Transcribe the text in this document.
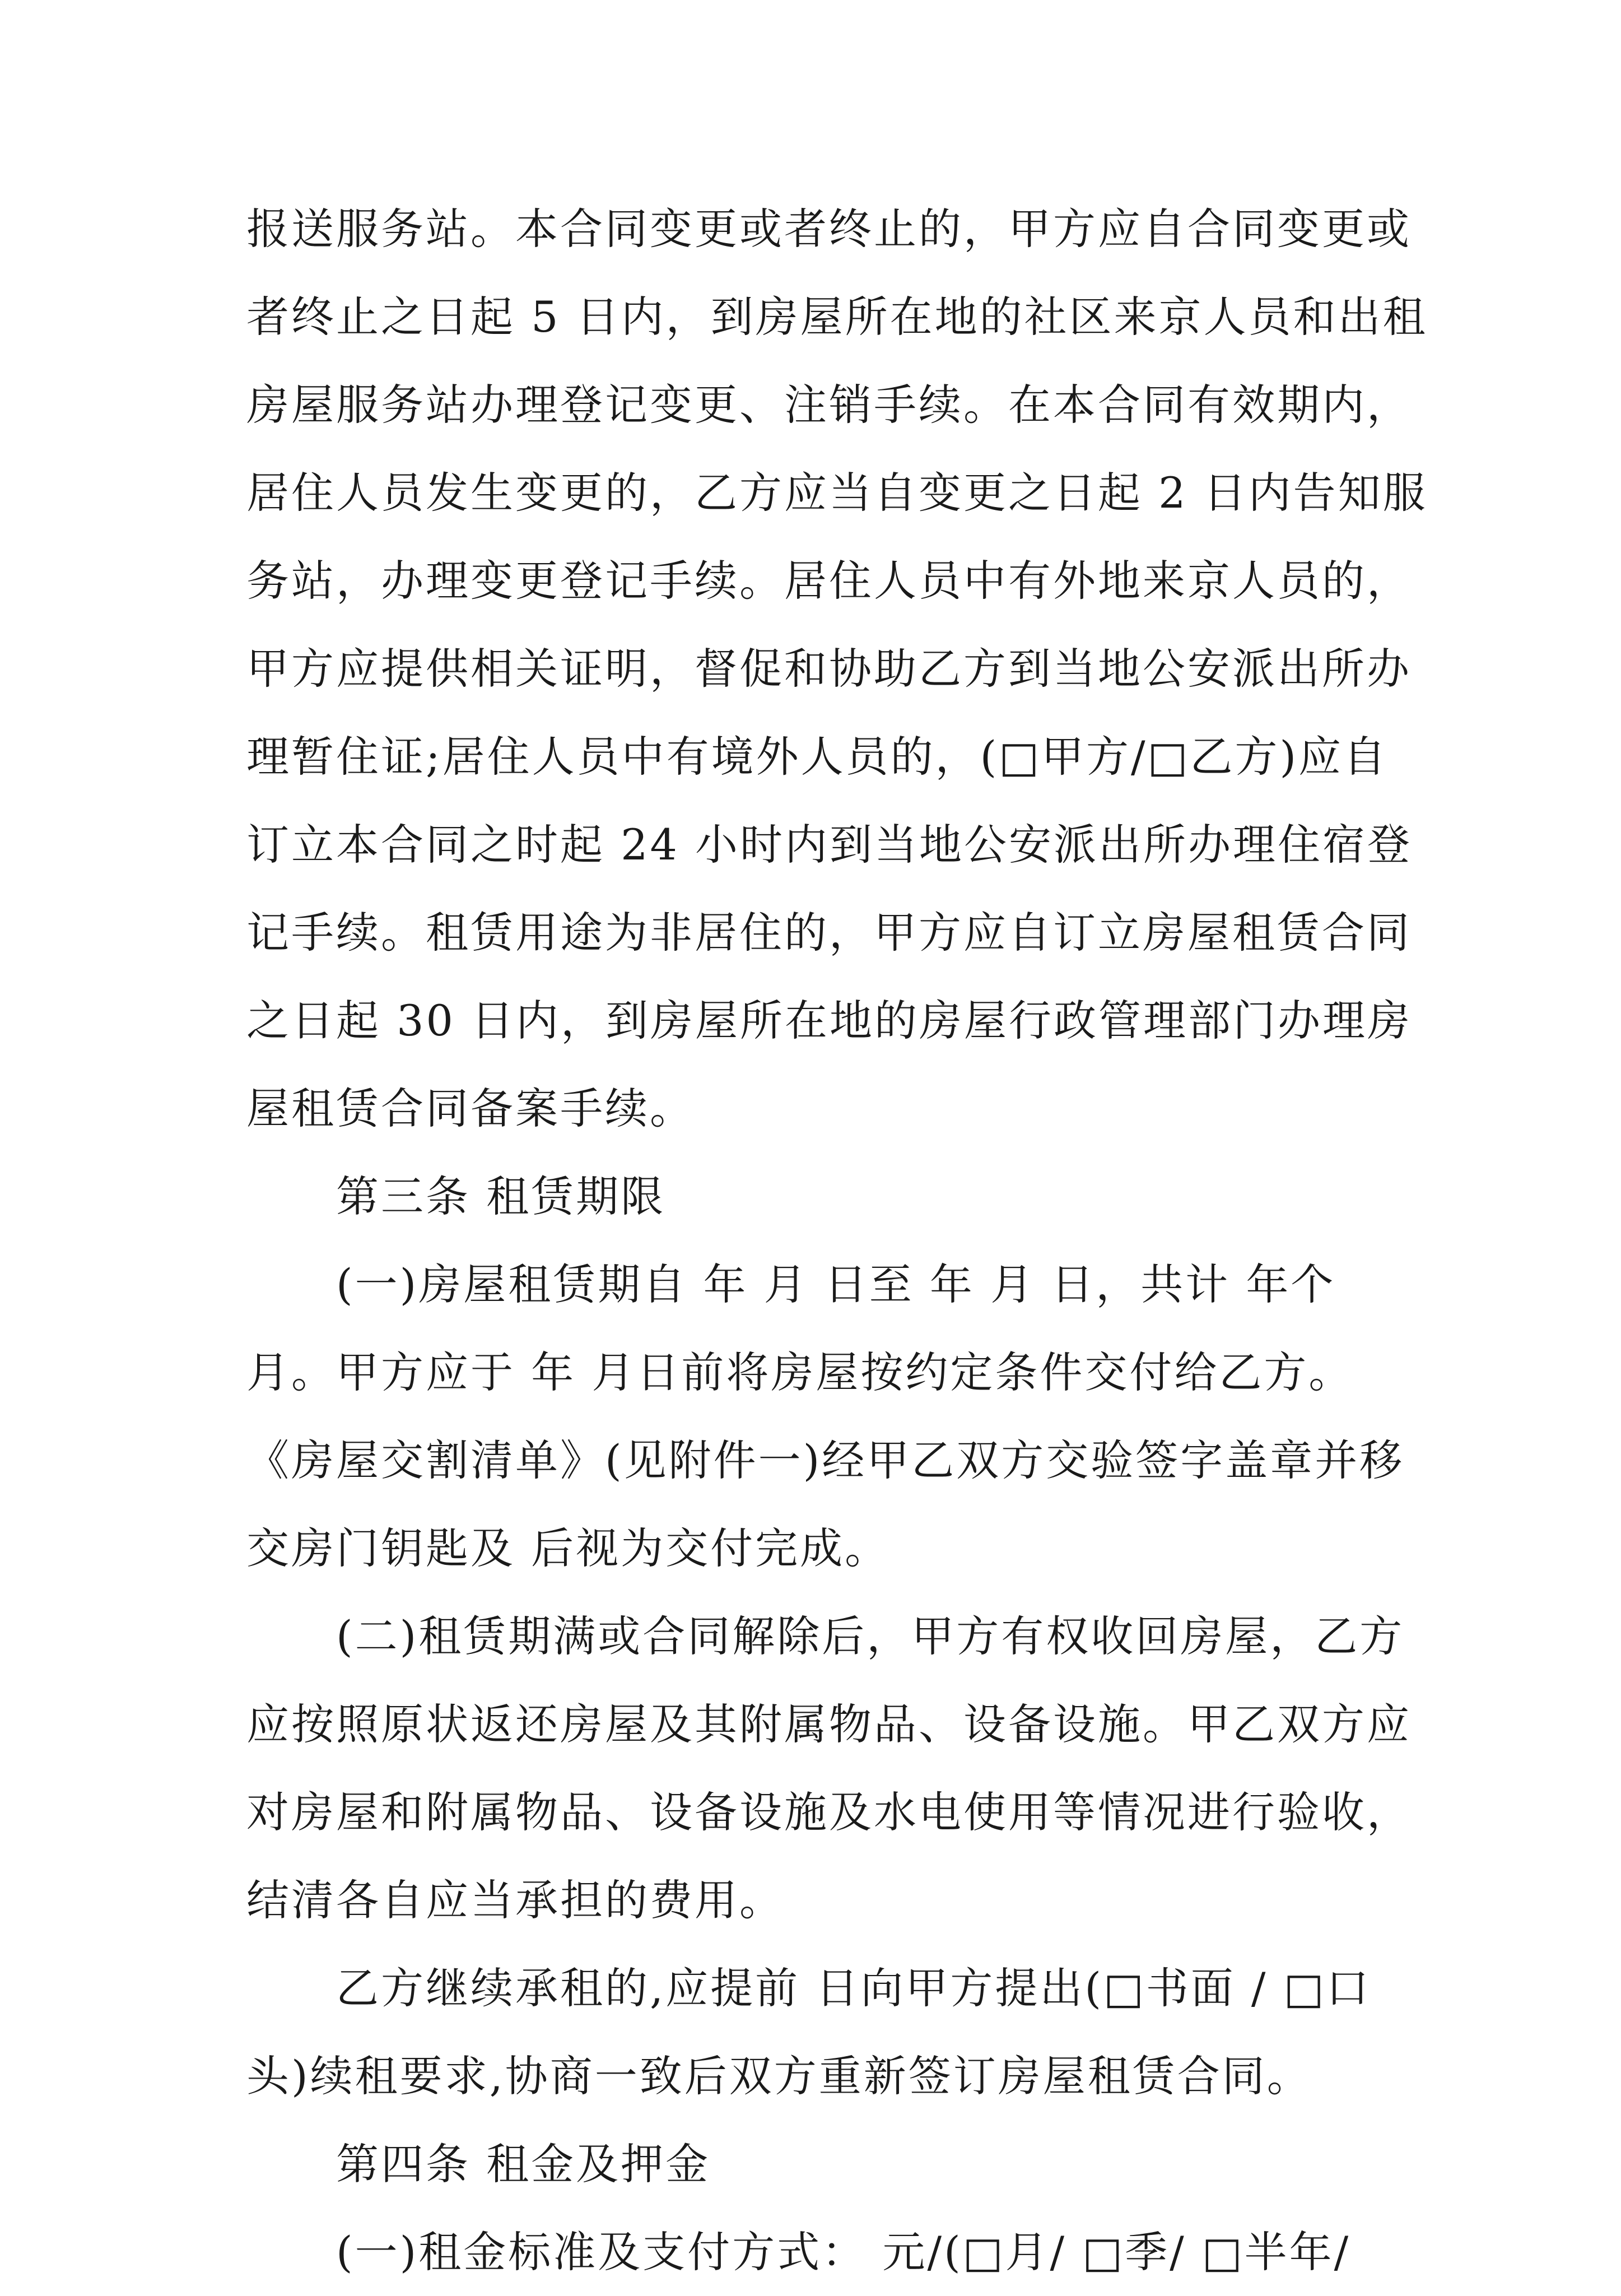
报送服务站。本合同变更或者终止的，甲方应自合同变更或
者终止之日起 5 日内，到房屋所在地的社区来京人员和出租
房屋服务站办理登记变更、注销手续。在本合同有效期内，
居住人员发生变更的，乙方应当自变更之日起 2 日内告知服
务站，办理变更登记手续。居住人员中有外地来京人员的，
甲方应提供相关证明，督促和协助乙方到当地公安派出所办
理暂住证;居住人员中有境外人员的，(□甲方/□乙方)应自
订立本合同之时起 24 小时内到当地公安派出所办理住宿登
记手续。租赁用途为非居住的，甲方应自订立房屋租赁合同
之日起 30 日内，到房屋所在地的房屋行政管理部门办理房
屋租赁合同备案手续。
第三条 租赁期限
(一)房屋租赁期自 年 月 日至 年 月 日，共计 年个
月。甲方应于 年 月日前将房屋按约定条件交付给乙方。
《房屋交割清单》(见附件一)经甲乙双方交验签字盖章并移
交房门钥匙及 后视为交付完成。
(二)租赁期满或合同解除后，甲方有权收回房屋，乙方
应按照原状返还房屋及其附属物品、设备设施。甲乙双方应
对房屋和附属物品、设备设施及水电使用等情况进行验收，
结清各自应当承担的费用。
乙方继续承租的,应提前 日向甲方提出(□书面 / □口
头)续租要求,协商一致后双方重新签订房屋租赁合同。
第四条 租金及押金
(一)租金标准及支付方式： 元/(□月/ □季/ □半年/
